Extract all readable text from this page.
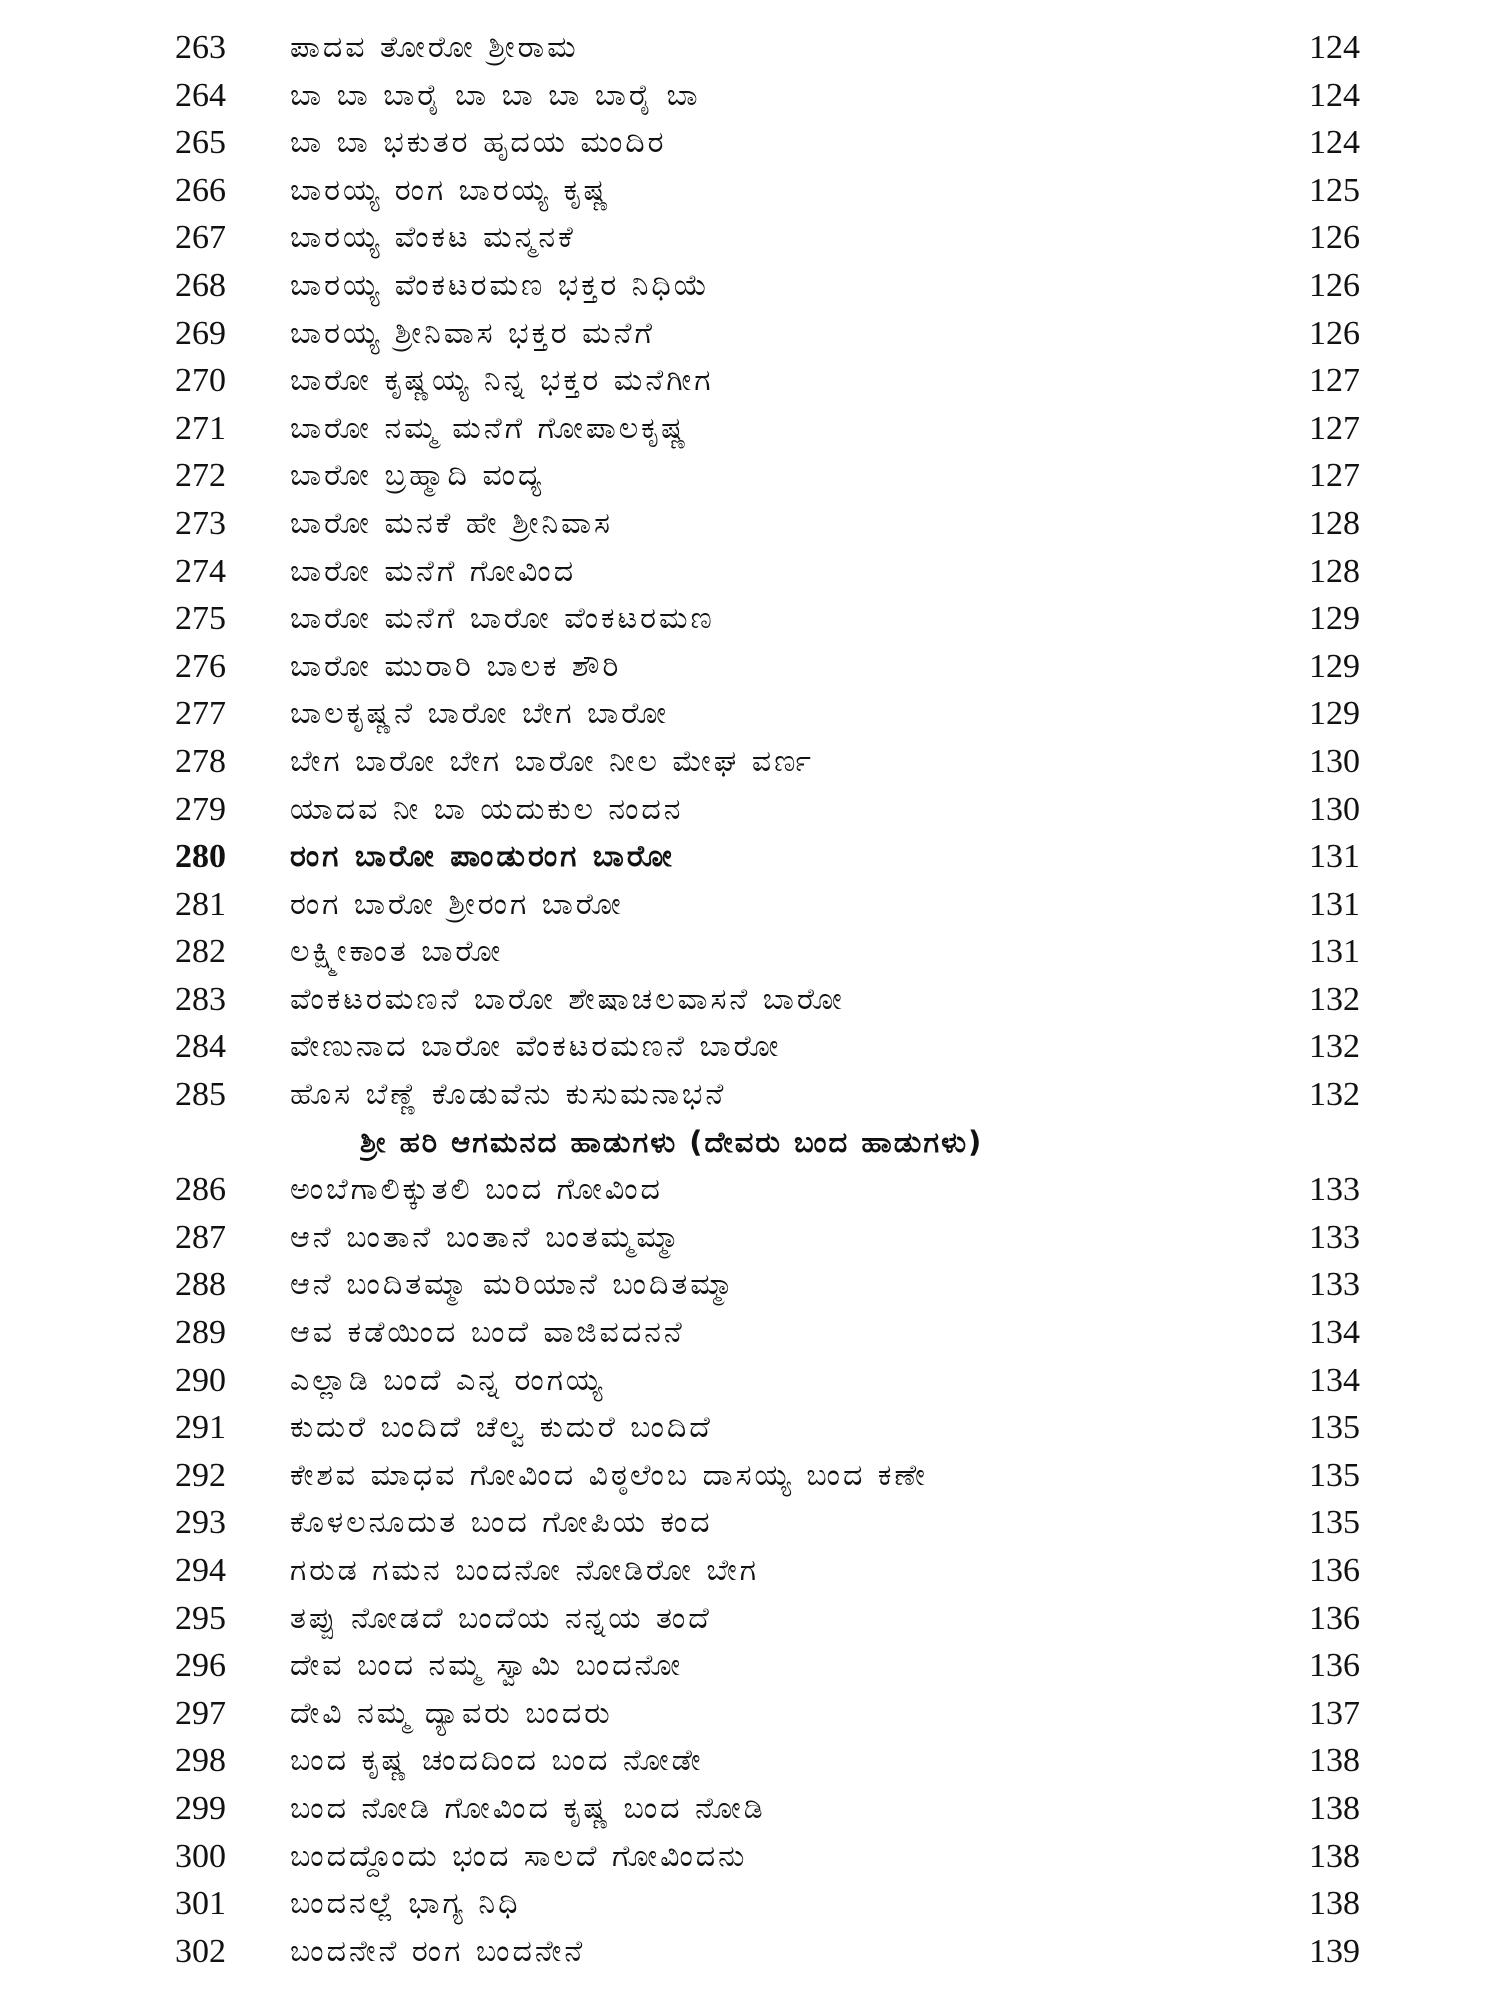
263	ಪಾದವ ತೋರೋ ಶ್ರೀರಾಮ	124
264	ಬಾ ಬಾ ಬಾರೈ ಬಾ ಬಾ ಬಾ ಬಾರೈ ಬಾ	124
265	ಬಾ ಬಾ ಭಕುತರ ಹೃದಯ ಮಂದಿರ	124
266	ಬಾರಯ್ಯ ರಂಗ ಬಾರಯ್ಯ ಕೃಷ್ಣ	125
267	ಬಾರಯ್ಯ ವೆಂಕಟ ಮನ್ಮನಕೆ	126
268	ಬಾರಯ್ಯ ವೆಂಕಟರಮಣ ಭಕ್ತರ ನಿಧಿಯೆ	126
269	ಬಾರಯ್ಯ ಶ್ರೀನಿವಾಸ ಭಕ್ತರ ಮನೆಗೆ	126
270	ಬಾರೋ ಕೃಷ್ಣಯ್ಯ ನಿನ್ನ ಭಕ್ತರ ಮನೆಗೀಗ	127
271	ಬಾರೋ ನಮ್ಮ ಮನೆಗೆ ಗೋಪಾಲಕೃಷ್ಣ	127
272	ಬಾರೋ ಬ್ರಹ್ಮಾದಿ ವಂದ್ಯ	127
273	ಬಾರೋ ಮನಕೆ ಹೇ ಶ್ರೀನಿವಾಸ	128
274	ಬಾರೋ ಮನೆಗೆ ಗೋವಿಂದ	128
275	ಬಾರೋ ಮನೆಗೆ ಬಾರೋ ವೆಂಕಟರಮಣ	129
276	ಬಾರೋ ಮುರಾರಿ ಬಾಲಕ ಶೌರಿ	129
277	ಬಾಲಕೃಷ್ಣನೆ ಬಾರೋ ಬೇಗ ಬಾರೋ	129
278	ಬೇಗ ಬಾರೋ ಬೇಗ ಬಾರೋ ನೀಲ ಮೇಘ ವರ್ಣ	130
279	ಯಾದವ ನೀ ಬಾ ಯದುಕುಲ ನಂದನ	130
280	ರಂಗ ಬಾರೋ ಪಾಂಡುರಂಗ ಬಾರೋ	131
281	ರಂಗ ಬಾರೋ ಶ್ರೀರಂಗ ಬಾರೋ	131
282	ಲಕ್ಷ್ಮೀಕಾಂತ ಬಾರೋ	131
283	ವೆಂಕಟರಮಣನೆ ಬಾರೋ ಶೇಷಾಚಲವಾಸನೆ ಬಾರೋ	132
284	ವೇಣುನಾದ ಬಾರೋ ವೆಂಕಟರಮಣನೆ ಬಾರೋ	132
285	ಹೊಸ ಬೆಣ್ಣೆ ಕೊಡುವೆನು ಕುಸುಮನಾಭನೆ	132
ಶ್ರೀ ಹರಿ ಆಗಮನದ ಹಾಡುಗಳು (ದೇವರು ಬಂದ ಹಾಡುಗಳು)
286	ಅಂಬೆಗಾಲಿಕ್ಕುತಲಿ ಬಂದ ಗೋವಿಂದ	133
287	ಆನೆ ಬಂತಾನೆ ಬಂತಾನೆ ಬಂತಮ್ಮಮ್ಮಾ	133
288	ಆನೆ ಬಂದಿತಮ್ಮಾ ಮರಿಯಾನೆ ಬಂದಿತಮ್ಮಾ	133
289	ಆವ ಕಡೆಯಿಂದ ಬಂದೆ ವಾಜಿವದನನೆ	134
290	ಎಲ್ಲಾಡಿ ಬಂದೆ ಎನ್ನ ರಂಗಯ್ಯ	134
291	ಕುದುರೆ ಬಂದಿದೆ ಚೆಲ್ವ ಕುದುರೆ ಬಂದಿದೆ	135
292	ಕೇಶವ ಮಾಧವ ಗೋವಿಂದ ವಿಠ್ಠಲೆಂಬ ದಾಸಯ್ಯ ಬಂದ ಕಣೇ	135
293	ಕೊಳಲನೂದುತ ಬಂದ ಗೋಪಿಯ ಕಂದ	135
294	ಗರುಡ ಗಮನ ಬಂದನೋ ನೋಡಿರೋ ಬೇಗ	136
295	ತಪ್ಪು ನೋಡದೆ ಬಂದೆಯ ನನ್ನಯ ತಂದೆ	136
296	ದೇವ ಬಂದ ನಮ್ಮ ಸ್ವಾಮಿ ಬಂದನೋ	136
297	ದೇವಿ ನಮ್ಮ ದ್ಯಾವರು ಬಂದರು	137
298	ಬಂದ ಕೃಷ್ಣ ಚಂದದಿಂದ ಬಂದ ನೋಡೇ	138
299	ಬಂದ ನೋಡಿ ಗೋವಿಂದ ಕೃಷ್ಣ ಬಂದ ನೋಡಿ	138
300	ಬಂದದ್ದೊಂದು ಭಂದ ಸಾಲದೆ ಗೋವಿಂದನು	138
301	ಬಂದನಲ್ಲೆ ಭಾಗ್ಯ ನಿಧಿ	138
302	ಬಂದನೇನೆ ರಂಗ ಬಂದನೇನೆ	139
